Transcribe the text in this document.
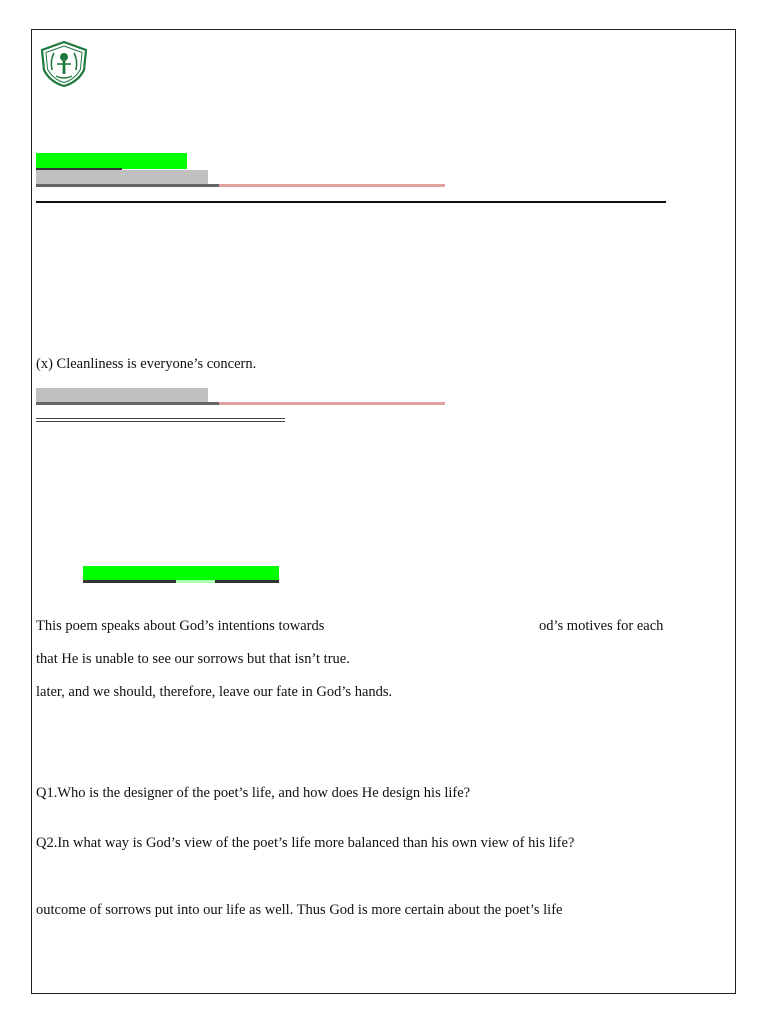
(x) Cleanliness is everyone’s concern.
This poem speaks about God’s intentions towards	od’s motives for each
that He is unable to see our sorrows but that isn’t true.
later, and we should, therefore, leave our fate in God’s hands.
Q1.Who is the designer of the poet’s life, and how does He design his life?
Q2.In what way is God’s view of the poet’s life more balanced than his own view of his life?
outcome of sorrows put into our life as well. Thus God is more certain about the poet’s life
